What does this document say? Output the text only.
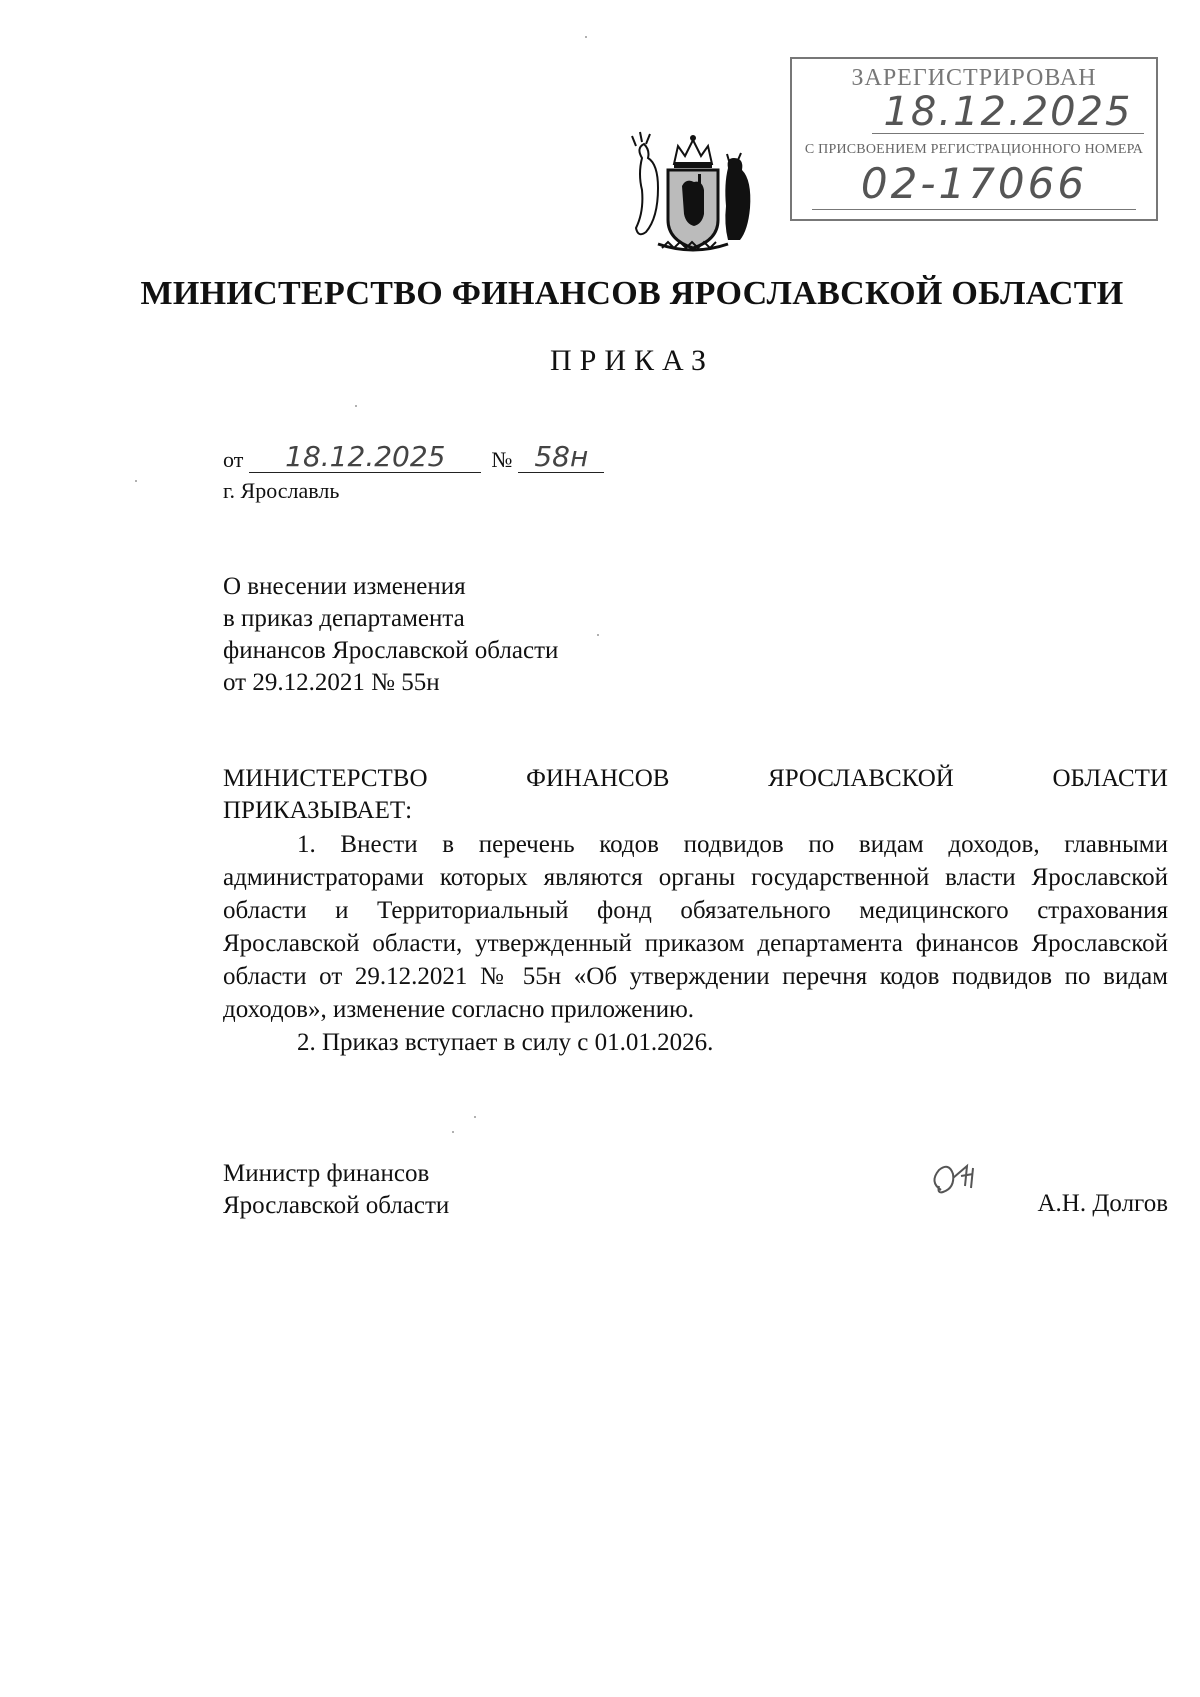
ЗАРЕГИСТРИРОВАН
18.12.2025
С ПРИСВОЕНИЕМ РЕГИСТРАЦИОННОГО НОМЕРА
02-17066
МИНИСТЕРСТВО ФИНАНСОВ ЯРОСЛАВСКОЙ ОБЛАСТИ
ПРИКАЗ
от	18.12.2025	№ 58н
г. Ярославль
О внесении изменения
в приказ департамента
финансов Ярославской области
от 29.12.2021 № 55н
МИНИСТЕРСТВО	ФИНАНСОВ	ЯРОСЛАВСКОЙ	ОБЛАСТИ
ПРИКАЗЫВАЕТ:

1. Внести в перечень кодов подвидов по видам доходов, главными администраторами которых являются органы государственной власти Ярославской области и Территориальный фонд обязательного медицинского страхования Ярославской области, утвержденный приказом департамента финансов Ярославской области от 29.12.2021 № 55н «Об утверждении перечня кодов подвидов по видам доходов», изменение согласно приложению.

2. Приказ вступает в силу с 01.01.2026.

Министр финансов
Ярославской области	А.Н. Долгов
